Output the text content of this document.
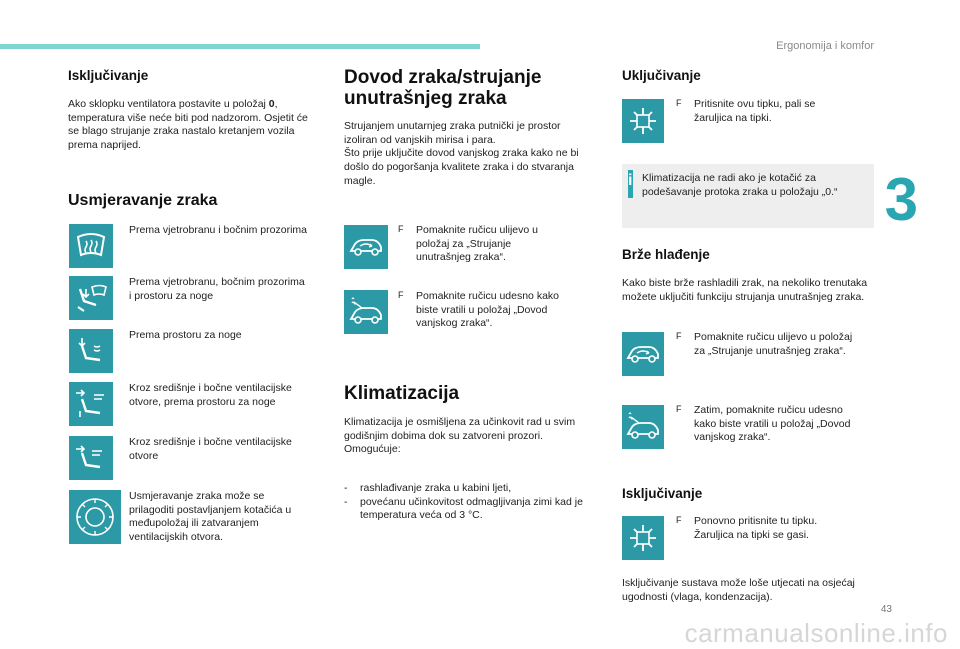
Ergonomija i komfor
3
43
carmanualsonline.info
Isključivanje

Ako sklopku ventilatora postavite u položaj 0, temperatura više neće biti pod nadzorom. Osjetit će se blago strujanje zraka nastalo kretanjem vozila prema naprijed.

Usmjeravanje zraka

Prema vjetrobranu i bočnim prozorima

Prema vjetrobranu, bočnim prozorima i prostoru za noge

Prema prostoru za noge

Kroz središnje i bočne ventilacijske otvore, prema prostoru za noge

Kroz središnje i bočne ventilacijske otvore

Usmjeravanje zraka može se prilagoditi postavljanjem kotačića u međupoložaj ili zatvaranjem ventilacijskih otvora.

Dovod zraka/strujanje unutrašnjeg zraka

Strujanjem unutarnjeg zraka putnički je prostor izoliran od vanjskih mirisa i para.
Što prije uključite dovod vanjskog zraka kako ne bi došlo do pogoršanja kvalitete zraka i do stvaranja magle.

F	Pomaknite ručicu ulijevo u položaj za „Strujanje unutrašnjeg zraka“.
F	Pomaknite ručicu udesno kako biste vratili u položaj „Dovod vanjskog zraka“.
Klimatizacija

Klimatizacija je osmišljena za učinkovit rad u svim godišnjim dobima dok su zatvoreni prozori.
Omogućuje:

- rashlađivanje zraka u kabini ljeti,
- povećanu učinkovitost odmagljivanja zimi kad je temperatura veća od 3 °C.
Uključivanje
F	Pritisnite ovu tipku, pali se žaruljica na tipki.
i Klimatizacija ne radi ako je kotačić za podešavanje protoka zraka u položaju „0.“
Brže hlađenje

Kako biste brže rashladili zrak, na nekoliko trenutaka možete uključiti funkciju strujanja unutrašnjeg zraka.

F	Pomaknite ručicu ulijevo u položaj za „Strujanje unutrašnjeg zraka“.
F	Zatim, pomaknite ručicu udesno kako biste vratili u položaj „Dovod vanjskog zraka“.
Isključivanje
F	Ponovno pritisnite tu tipku. Žaruljica na tipki se gasi.

Isključivanje sustava može loše utjecati na osjećaj ugodnosti (vlaga, kondenzacija).
